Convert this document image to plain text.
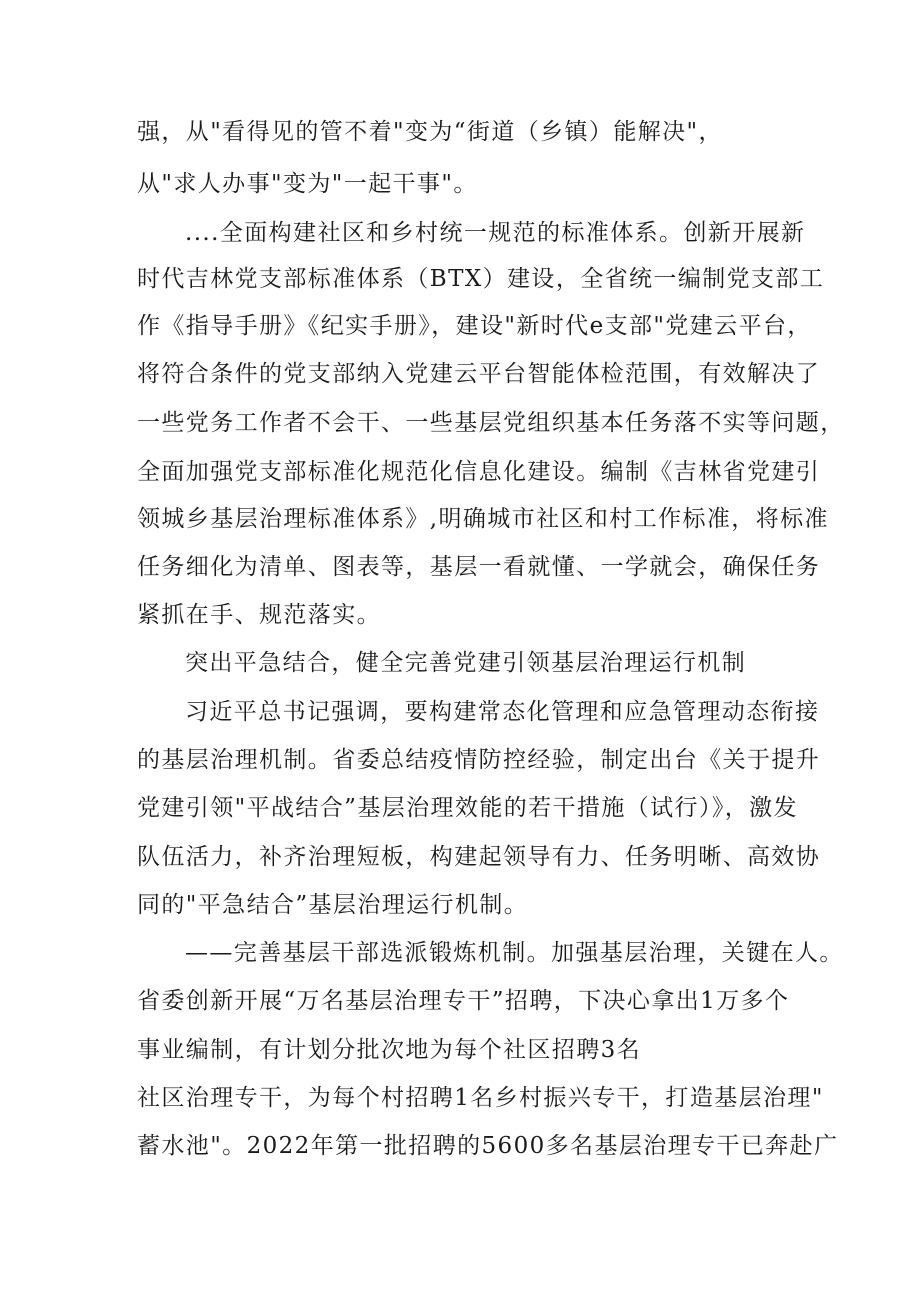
强，从"看得见的管不着"变为“街道（乡镇）能解决"，
从"求人办事"变为"一起干事"。
....全面构建社区和乡村统一规范的标准体系。创新开展新
时代吉林党支部标准体系（BTX）建设，全省统一编制党支部工
作《指导手册》《纪实手册》，建设"新时代e支部"党建云平台，
将符合条件的党支部纳入党建云平台智能体检范围，有效解决了
一些党务工作者不会干、一些基层党组织基本任务落不实等问题，
全面加强党支部标准化规范化信息化建设。编制《吉林省党建引
领城乡基层治理标准体系》,明确城市社区和村工作标准，将标准
任务细化为清单、图表等，基层一看就懂、一学就会，确保任务
紧抓在手、规范落实。
突出平急结合，健全完善党建引领基层治理运行机制
习近平总书记强调，要构建常态化管理和应急管理动态衔接
的基层治理机制。省委总结疫情防控经验，制定出台《关于提升
党建引领"平战结合”基层治理效能的若干措施（试行）》，激发
队伍活力，补齐治理短板，构建起领导有力、任务明晰、高效协
同的"平急结合”基层治理运行机制。
——完善基层干部选派锻炼机制。加强基层治理，关键在人。
省委创新开展“万名基层治理专干”招聘，下决心拿出1万多个
事业编制，有计划分批次地为每个社区招聘3名
社区治理专干，为每个村招聘1名乡村振兴专干，打造基层治理"
蓄水池"。2022年第一批招聘的5600多名基层治理专干已奔赴广
